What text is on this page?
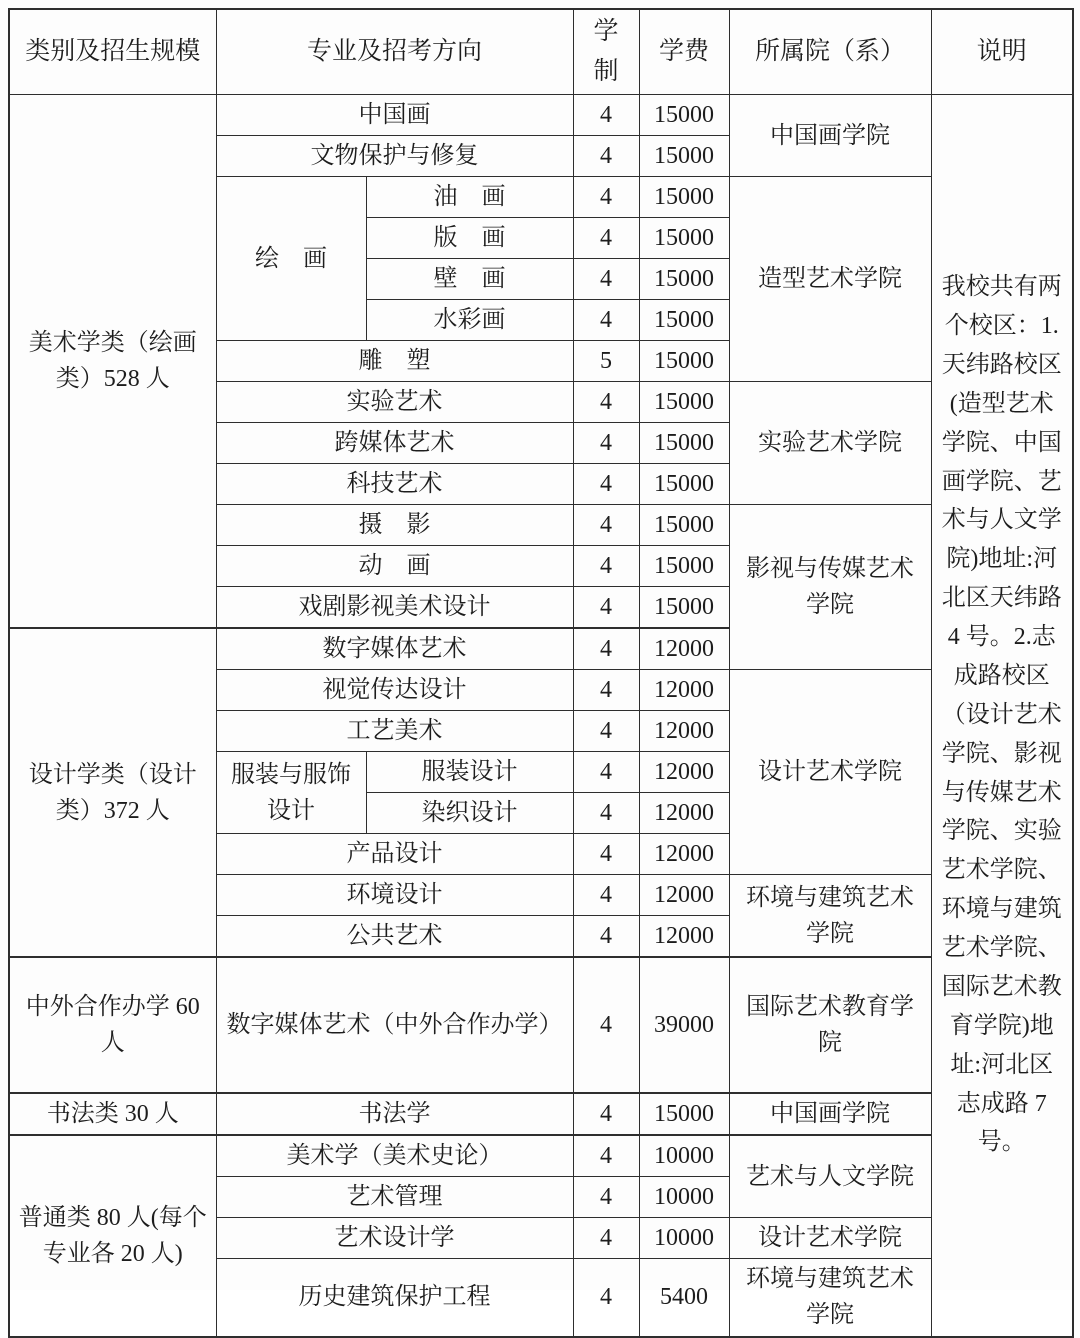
类别及招生规模	专业及招考方向		学制	学费	所属院（系）	说明
美术学类（绘画类）528 人	中国画		4	15000	中国画学院	我校共有两个校区：1.天纬路校区(造型艺术学院、中国画学院、艺术与人文学院)地址:河北区天纬路 4 号。2.志成路校区（设计艺术学院、影视与传媒艺术学院、实验艺术学院、环境与建筑艺术学院、国际艺术教育学院)地址:河北区志成路 7 号。
	文物保护与修复		4	15000		
	绘　画	油　画	4	15000	造型艺术学院	
		版　画	4	15000		
		壁　画	4	15000		
		水彩画	4	15000		
	雕　塑		5	15000		
	实验艺术		4	15000	实验艺术学院	
	跨媒体艺术		4	15000		
	科技艺术		4	15000		
	摄　影		4	15000	影视与传媒艺术学院	
	动　画		4	15000		
	戏剧影视美术设计		4	15000		
设计学类（设计类）372 人	数字媒体艺术		4	12000		
	视觉传达设计		4	12000	设计艺术学院	
	工艺美术		4	12000		
	服装与服饰设计	服装设计	4	12000		
		染织设计	4	12000		
	产品设计		4	12000		
	环境设计		4	12000	环境与建筑艺术学院	
	公共艺术		4	12000		
中外合作办学 60 人	数字媒体艺术（中外合作办学）		4	39000	国际艺术教育学院	
书法类 30 人	书法学		4	15000	中国画学院	
普通类 80 人(每个专业各 20 人)	美术学（美术史论）		4	10000	艺术与人文学院	
	艺术管理		4	10000		
	艺术设计学		4	10000	设计艺术学院	
	历史建筑保护工程		4	5400	环境与建筑艺术学院	
